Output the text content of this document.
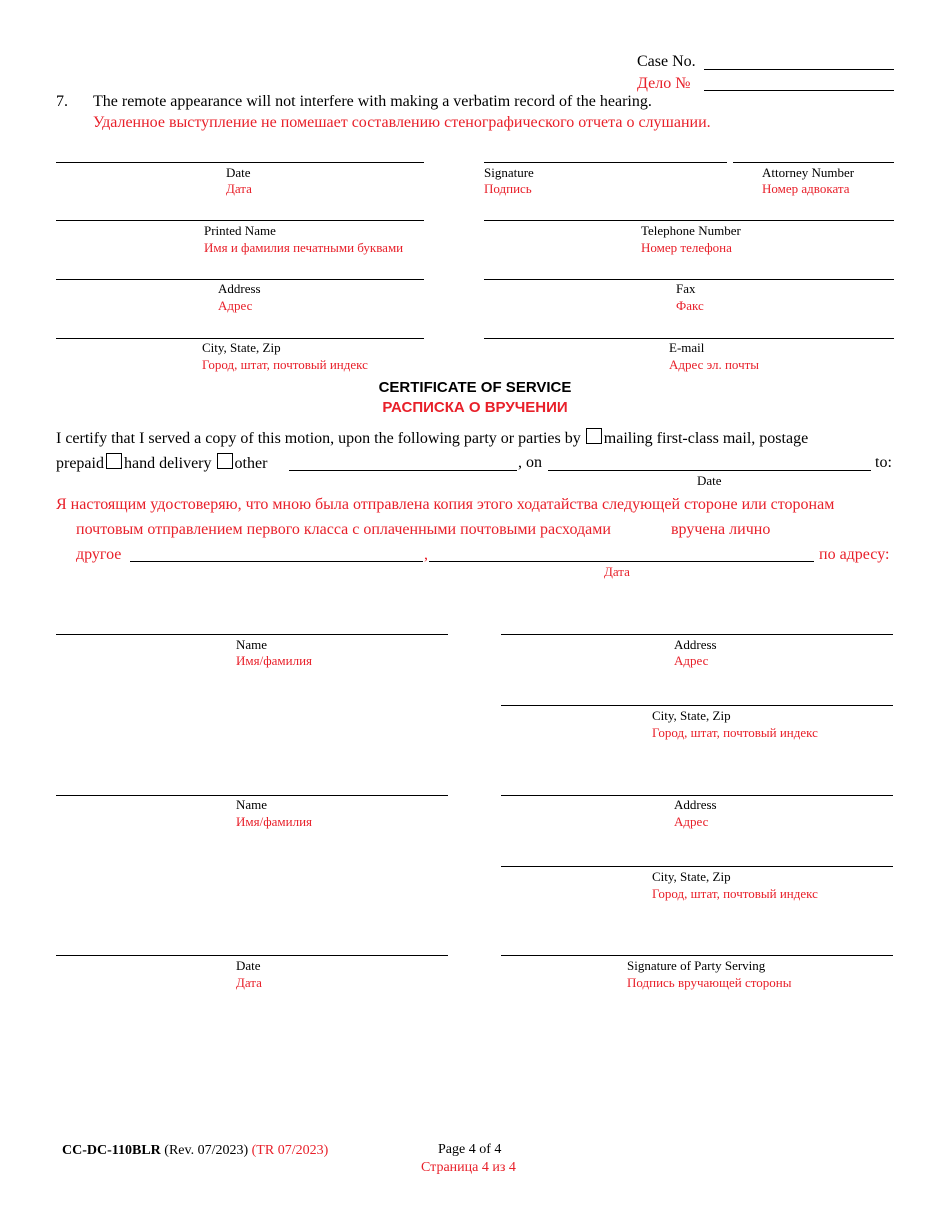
Case No.
Дело №
7. The remote appearance will not interfere with making a verbatim record of the hearing.
Удаленное выступление не помешает составлению стенографического отчета о слушании.
Date
Дата
Signature
Подпись
Attorney Number
Номер адвоката
Printed Name
Имя и фамилия печатными буквами
Telephone Number
Номер телефона
Address
Адрес
Fax
Факс
City, State, Zip
Город, штат, почтовый индекс
E-mail
Адрес эл. почты
CERTIFICATE OF SERVICE
РАСПИСКА О ВРУЧЕНИИ
I certify that I served a copy of this motion, upon the following party or parties by mailing first-class mail, postage
prepaid hand delivery other	, on	to:
Date
Я настоящим удостоверяю, что мною была отправлена копия этого ходатайства следующей стороне или сторонам
почтовым отправлением первого класса с оплаченными почтовыми расходами	вручена лично
другое	,	по адресу:
Дата
Name
Имя/фамилия
Address
Адрес
City, State, Zip
Город, штат, почтовый индекс
Name
Имя/фамилия
Address
Адрес
City, State, Zip
Город, штат, почтовый индекс
Date
Дата
Signature of Party Serving
Подпись вручающей стороны
CC-DC-110BLR (Rev. 07/2023) (TR 07/2023)	Page 4 of 4
Страница 4 из 4
